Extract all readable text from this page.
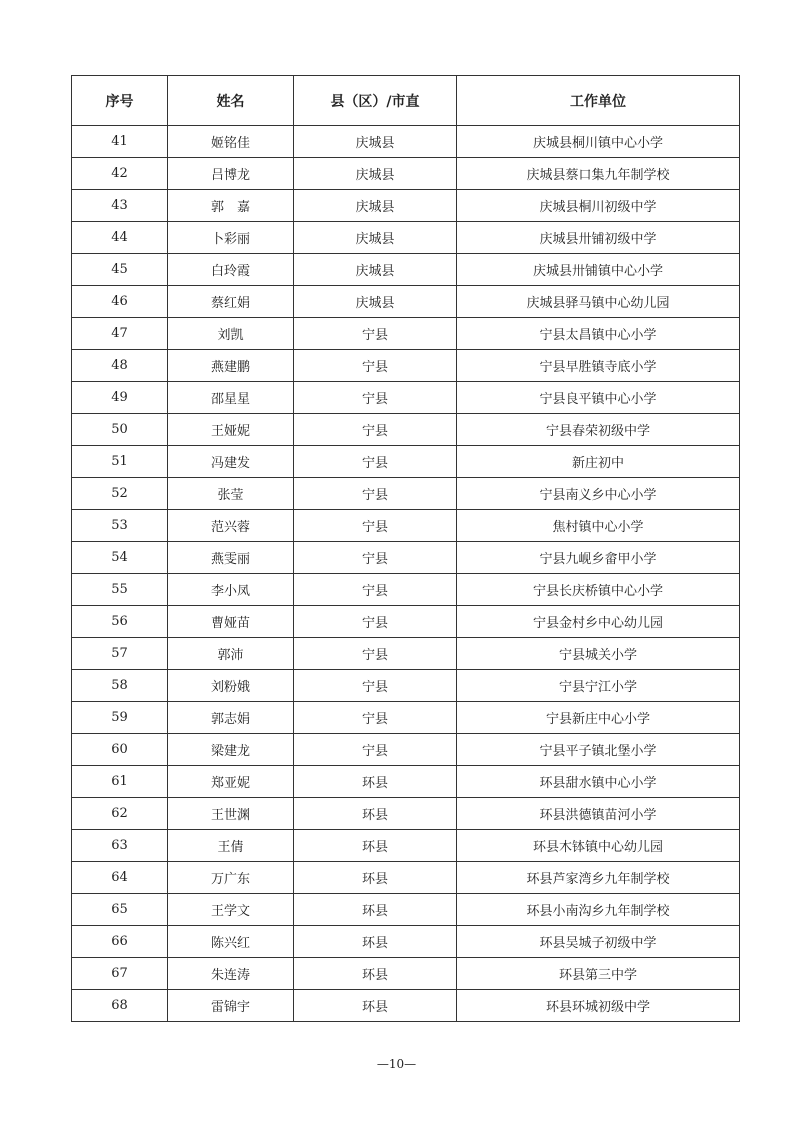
序号	姓名	县（区）/市直	工作单位
41	姬铭佳	庆城县	庆城县桐川镇中心小学
42	吕博龙	庆城县	庆城县蔡口集九年制学校
43	郭　嘉	庆城县	庆城县桐川初级中学
44	卜彩丽	庆城县	庆城县卅铺初级中学
45	白玲霞	庆城县	庆城县卅铺镇中心小学
46	蔡红娟	庆城县	庆城县驿马镇中心幼儿园
47	刘凯	宁县	宁县太昌镇中心小学
48	燕建鹏	宁县	宁县早胜镇寺底小学
49	邵星星	宁县	宁县良平镇中心小学
50	王娅妮	宁县	宁县春荣初级中学
51	冯建发	宁县	新庄初中
52	张莹	宁县	宁县南义乡中心小学
53	范兴蓉	宁县	焦村镇中心小学
54	燕雯丽	宁县	宁县九岘乡畲甲小学
55	李小凤	宁县	宁县长庆桥镇中心小学
56	曹娅苗	宁县	宁县金村乡中心幼儿园
57	郭沛	宁县	宁县城关小学
58	刘粉娥	宁县	宁县宁江小学
59	郭志娟	宁县	宁县新庄中心小学
60	梁建龙	宁县	宁县平子镇北堡小学
61	郑亚妮	环县	环县甜水镇中心小学
62	王世渊	环县	环县洪德镇苗河小学
63	王倩	环县	环县木钵镇中心幼儿园
64	万广东	环县	环县芦家湾乡九年制学校
65	王学文	环县	环县小南沟乡九年制学校
66	陈兴红	环县	环县吴城子初级中学
67	朱连涛	环县	环县第三中学
68	雷锦宇	环县	环县环城初级中学
—10—
